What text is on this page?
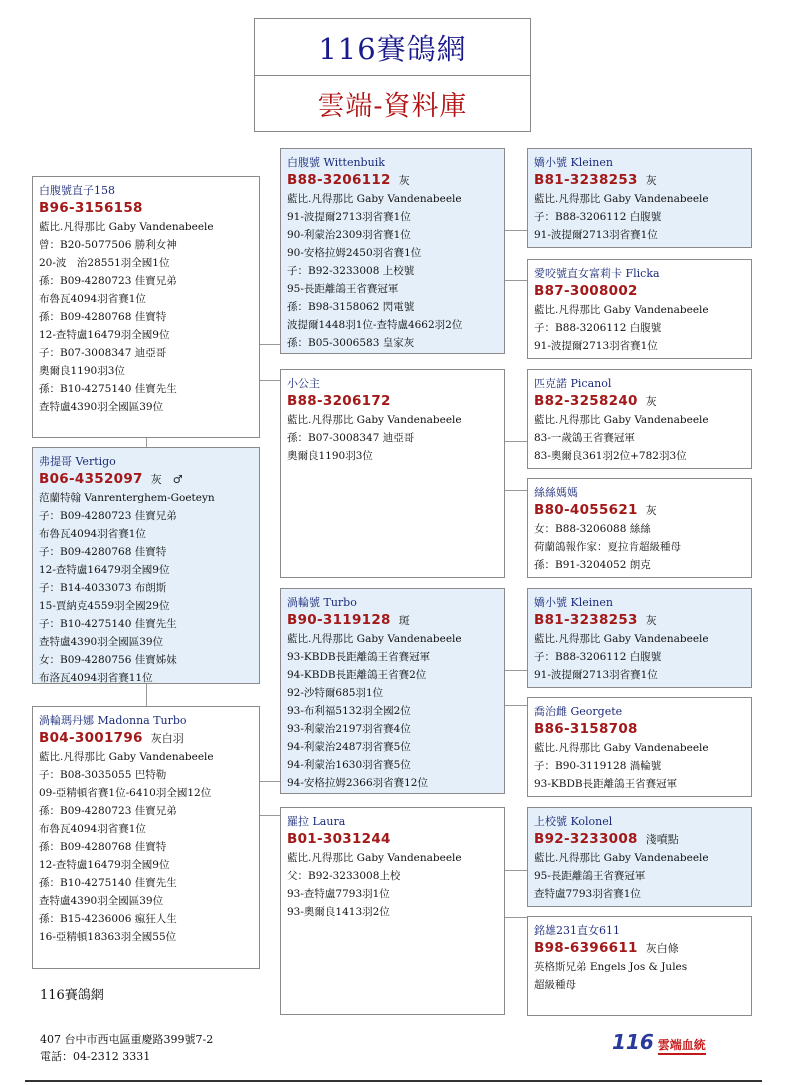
116賽鴿網
雲端-資料庫
白腹號直子158
B96-3156158
藍比.凡得那比 Gaby Vandenabeele
曾：B20-5077506 勝利女神
20-波　治28551羽全國1位
孫：B09-4280723 佳寶兄弟
布魯瓦4094羽省賽1位
孫：B09-4280768 佳寶特
12-查特盧16479羽全國9位
子：B07-3008347 迪亞哥
奧爾良1190羽3位
孫：B10-4275140 佳寶先生
查特盧4390羽全國區39位
弗提哥 Vertigo
B06-4352097 灰　♂
范蘭特翰 Vanrenterghem-Goeteyn
子：B09-4280723 佳寶兄弟
布魯瓦4094羽省賽1位
子：B09-4280768 佳寶特
12-查特盧16479羽全國9位
子：B14-4033073 布朗斯
15-賈納克4559羽全國29位
子：B10-4275140 佳寶先生
查特盧4390羽全國區39位
女：B09-4280756 佳寶姊妹
布洛瓦4094羽省賽11位
渦輪瑪丹娜 Madonna Turbo
B04-3001796 灰白羽
藍比.凡得那比 Gaby Vandenabeele
子：B08-3035055 巴特勒
09-亞精頓省賽1位-6410羽全國12位
孫：B09-4280723 佳寶兄弟
布魯瓦4094羽省賽1位
孫：B09-4280768 佳寶特
12-查特盧16479羽全國9位
孫：B10-4275140 佳寶先生
查特盧4390羽全國區39位
孫：B15-4236006 瘋狂人生
16-亞精頓18363羽全國55位
白腹號 Wittenbuik
B88-3206112 灰
藍比.凡得那比 Gaby Vandenabeele
91-波提爾2713羽省賽1位
90-利蒙治2309羽省賽1位
90-安格拉姆2450羽省賽1位
子：B92-3233008 上校號
95-長距離鴿王省賽冠軍
孫：B98-3158062 閃電號
波提爾1448羽1位-查特盧4662羽2位
孫：B05-3006583 皇家灰
小公主
B88-3206172
藍比.凡得那比 Gaby Vandenabeele
孫：B07-3008347 迪亞哥
奧爾良1190羽3位
渦輪號 Turbo
B90-3119128 斑
藍比.凡得那比 Gaby Vandenabeele
93-KBDB長距離鴿王省賽冠軍
94-KBDB長距離鴿王省賽2位
92-沙特爾685羽1位
93-布利福5132羽全國2位
93-利蒙治2197羽省賽4位
94-利蒙治2487羽省賽5位
94-利蒙治1630羽省賽5位
94-安格拉姆2366羽省賽12位
羅拉 Laura
B01-3031244
藍比.凡得那比 Gaby Vandenabeele
父：B92-3233008上校
93-查特盧7793羽1位
93-奧爾良1413羽2位
嬌小號 Kleinen
B81-3238253 灰
藍比.凡得那比 Gaby Vandenabeele
子：B88-3206112 白腹號
91-波提爾2713羽省賽1位
愛咬號直女富莉卡 Flicka
B87-3008002
藍比.凡得那比 Gaby Vandenabeele
子：B88-3206112 白腹號
91-波提爾2713羽省賽1位
匹克諾 Picanol
B82-3258240 灰
藍比.凡得那比 Gaby Vandenabeele
83-一歲鴿王省賽冠軍
83-奧爾良361羽2位+782羽3位
絲絲媽媽
B80-4055621 灰
女：B88-3206088 絲絲
荷蘭鴿報作家：夏拉肯超級種母
孫：B91-3204052 朗克
嬌小號 Kleinen
B81-3238253 灰
藍比.凡得那比 Gaby Vandenabeele
子：B88-3206112 白腹號
91-波提爾2713羽省賽1位
喬治雌 Georgete
B86-3158708
藍比.凡得那比 Gaby Vandenabeele
子：B90-3119128 渦輪號
93-KBDB長距離鴿王省賽冠軍
上校號 Kolonel
B92-3233008 淺噴點
藍比.凡得那比 Gaby Vandenabeele
95-長距離鴿王省賽冠軍
查特盧7793羽省賽1位
銘雄231直女611
B98-6396611 灰白條
英格斯兄弟 Engels Jos & Jules
超級種母
116賽鴿網
407 台中市西屯區重慶路399號7-2
電話：04-2312 3331
116 雲端血統
